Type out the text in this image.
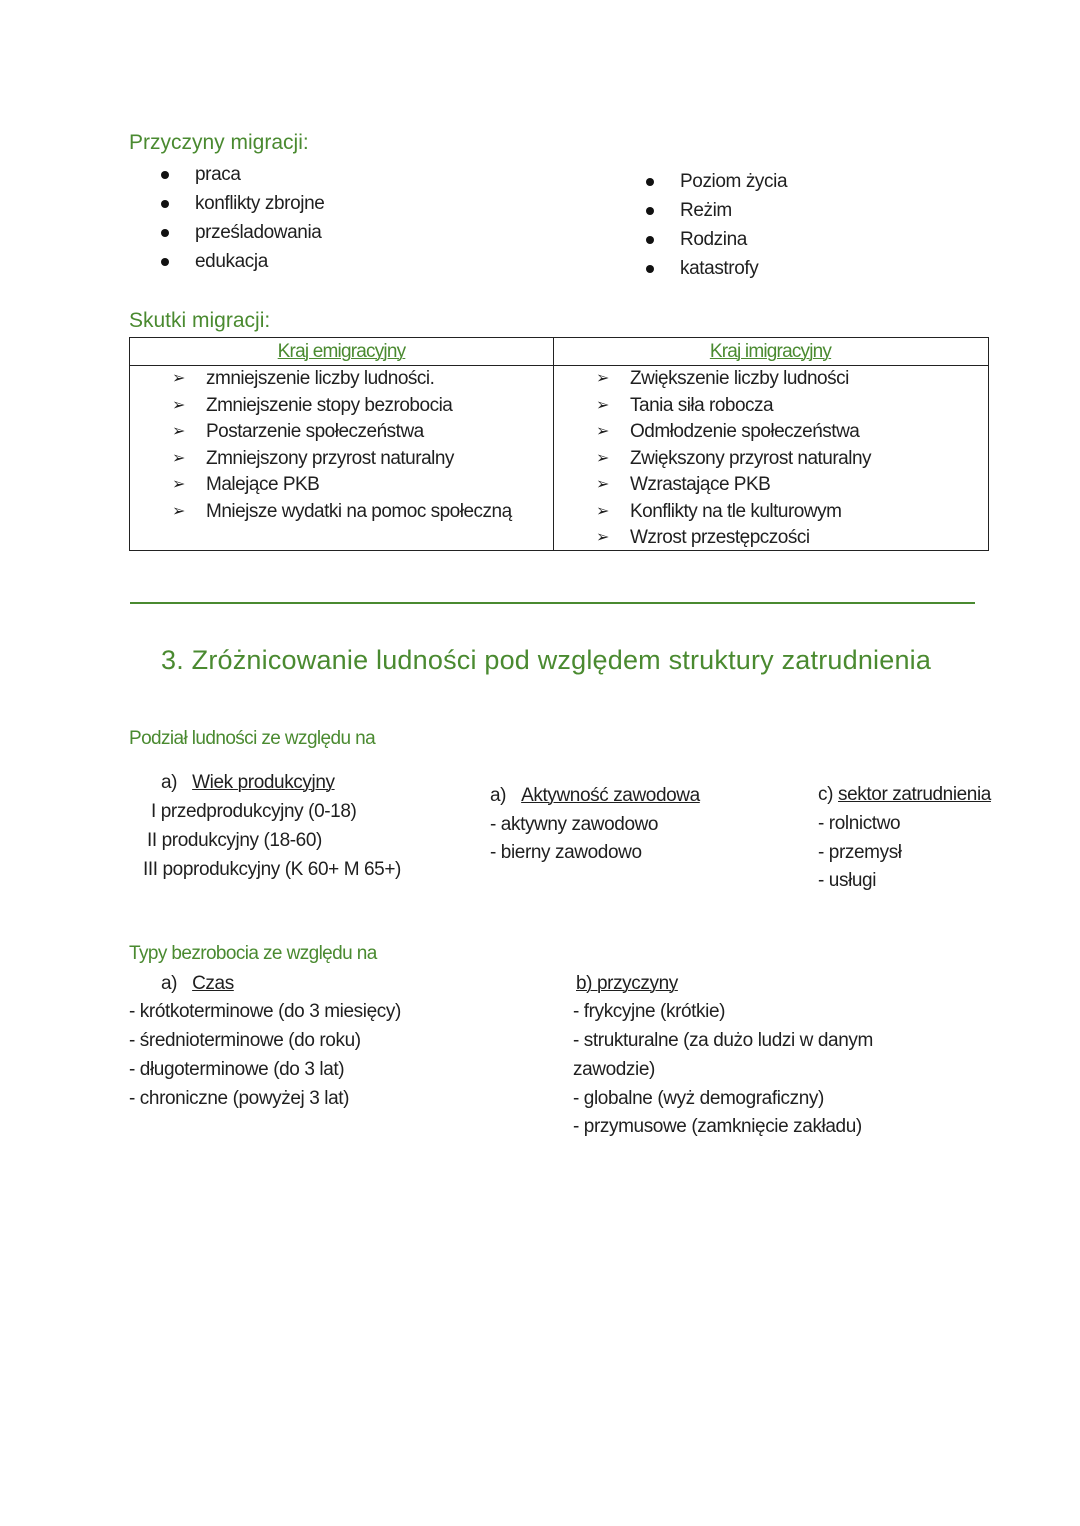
Przyczyny migracji:
praca
konflikty zbrojne
prześladowania
edukacja
Poziom życia
Reżim
Rodzina
katastrofy
Skutki migracji:
Kraj emigracyjny	Kraj imigracyjny
➢ zmniejszenie liczby ludności.
➢ Zmniejszenie stopy bezrobocia
➢ Postarzenie społeczeństwa
➢ Zmniejszony przyrost naturalny
➢ Malejące PKB
➢ Mniejsze wydatki na pomoc społeczną
➢ Zwiększenie liczby ludności
➢ Tania siła robocza
➢ Odmłodzenie społeczeństwa
➢ Zwiększony przyrost naturalny
➢ Wzrastające PKB
➢ Konflikty na tle kulturowym
➢ Wzrost przestępczości
3. Zróżnicowanie ludności pod względem struktury zatrudnienia
Podział ludności ze względu na
a) Wiek produkcyjny
I przedprodukcyjny (0-18)
II produkcyjny (18-60)
III poprodukcyjny (K 60+ M 65+)
a) Aktywność zawodowa
- aktywny zawodowo
- bierny zawodowo
c) sektor zatrudnienia
- rolnictwo
- przemysł
- usługi
Typy bezrobocia ze względu na
a) Czas
- krótkoterminowe (do 3 miesięcy)
- średnioterminowe (do roku)
- długoterminowe (do 3 lat)
- chroniczne (powyżej 3 lat)
b) przyczyny
- frykcyjne (krótkie)
- strukturalne (za dużo ludzi w danym
zawodzie)
- globalne (wyż demograficzny)
- przymusowe (zamknięcie zakładu)
